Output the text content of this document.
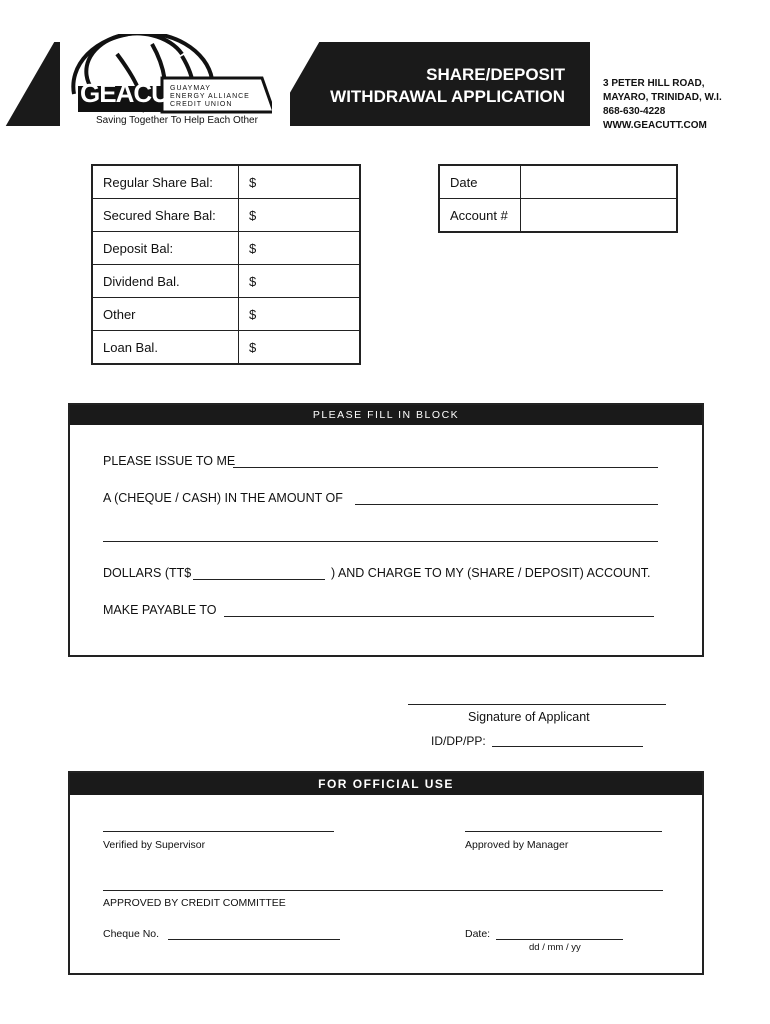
GEACU GUAYMAY
ENERGY ALLIANCE
CREDIT UNION
Saving Together To Help Each Other
SHARE/DEPOSIT
WITHDRAWAL APPLICATION
3 PETER HILL ROAD,
MAYARO, TRINIDAD, W.I.
868-630-4228
WWW.GEACUTT.COM
Regular Share Bal:	$
Secured Share Bal:	$
Deposit Bal:	$
Dividend Bal.	$
Other	$
Loan Bal.	$
Date	
Account #	
PLEASE FILL IN BLOCK
PLEASE ISSUE TO ME
A (CHEQUE / CASH) IN THE AMOUNT OF
DOLLARS (TT$	) AND CHARGE TO MY (SHARE / DEPOSIT) ACCOUNT.
MAKE PAYABLE TO
Signature of Applicant
ID/DP/PP:
FOR OFFICIAL USE
Verified by Supervisor	Approved by Manager
APPROVED BY CREDIT COMMITTEE
Cheque No.	Date:
dd / mm / yy
